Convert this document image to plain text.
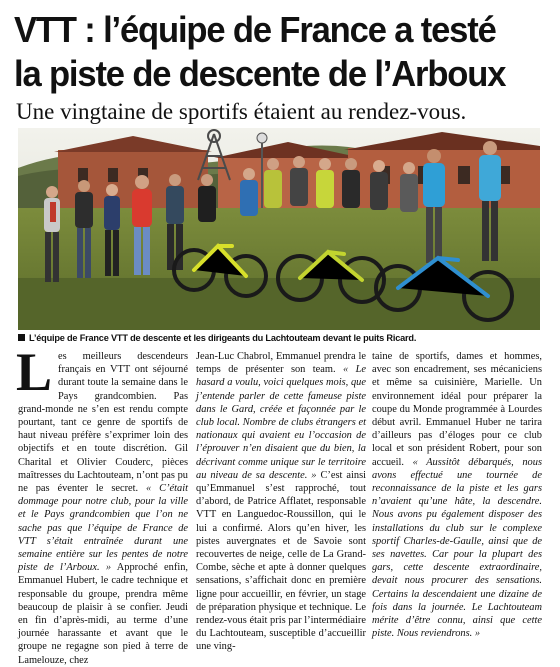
VTT : l’équipe de France a testé
la piste de descente de l’Arboux
Une vingtaine de sportifs étaient au rendez-vous.

L’équipe de France VTT de descente et les dirigeants du Lachtouteam devant le puits Ricard.

Les meilleurs descendeurs français en VTT ont séjourné durant toute la semaine dans le Pays grandcombien. Pas grand-monde ne s’en est rendu compte pourtant, tant ce genre de sportifs de haut niveau préfère s’exprimer loin des objectifs et en toute discrétion. Gil Charital et Olivier Couderc, pièces maîtresses du Lachtouteam, n’ont pas pu ne pas éventer le secret. « C’était dommage pour notre club, pour la ville et le Pays grandcombien que l’on ne sache pas que l’équipe de France de VTT s’était entraînée durant une semaine entière sur les pentes de notre piste de l’Arboux. » Approché enfin, Emmanuel Hubert, le cadre technique et responsable du groupe, prendra même beaucoup de plaisir à se confier. Jeudi en fin d’après-midi, au terme d’une journée harassante et avant que le groupe ne regagne son pied à terre de Lamelouze, chez
Jean-Luc Chabrol, Emmanuel prendra le temps de présenter son team. « Le hasard a voulu, voici quelques mois, que j’entende parler de cette fameuse piste dans le Gard, créée et façonnée par le club local. Nombre de clubs étrangers et nationaux qui avaient eu l’occasion de l’éprouver n’en disaient que du bien, la décrivant comme unique sur le territoire au niveau de sa descente. » C’est ainsi qu’Emmanuel s’est rapproché, tout d’abord, de Patrice Afflatet, responsable VTT en Languedoc-Roussillon, qui le lui a confirmé. Alors qu’en hiver, les pistes auvergnates et de Savoie sont recouvertes de neige, celle de La Grand-Combe, sèche et apte à donner quelques sensations, s’affichait donc en première ligne pour accueillir, en février, un stage de préparation physique et technique. Le rendez-vous était pris par l’intermédiaire du Lachtouteam, susceptible d’accueillir une ving-
taine de sportifs, dames et hommes, avec son encadrement, ses mécaniciens et même sa cuisinière, Marielle. Un environnement idéal pour préparer la coupe du Monde programmée à Lourdes début avril. Emmanuel Huber ne tarira d’ailleurs pas d’éloges pour ce club local et son président Robert, pour son accueil. « Aussitôt débarqués, nous avons effectué une tournée de reconnaissance de la piste et les gars n’avaient qu’une hâte, la descendre. Nous avons pu également disposer des installations du club sur le complexe sportif Charles-de-Gaulle, ainsi que de ses navettes. Car pour la plupart des gars, cette descente extraordinaire, devait nous procurer des sensations. Certains la descendaient une dizaine de fois dans la journée. Le Lachtouteam mérite d’être connu, ainsi que cette piste. Nous reviendrons. »
